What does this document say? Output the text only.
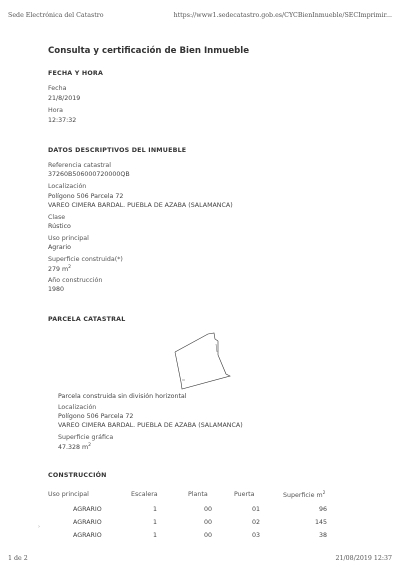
Sede Electrónica del Catastro	https://www1.sedecatastro.gob.es/CYCBienInmueble/SECImprimir...
Consulta y certificación de Bien Inmueble
FECHA Y HORA
Fecha
21/8/2019
Hora
12:37:32
DATOS DESCRIPTIVOS DEL INMUEBLE
Referencia catastral
37260B506000720000QB
Localización
Polígono 506 Parcela 72
VAREO CIMERA BARDAL. PUEBLA DE AZABA (SALAMANCA)
Clase
Rústico
Uso principal
Agrario
Superficie construida(*)
279 $m^2$
Año construcción
1980
PARCELA CATASTRAL
Parcela construida sin división horizontal
Localización
Polígono 506 Parcela 72
VAREO CIMERA BARDAL. PUEBLA DE AZABA (SALAMANCA)
Superficie gráfica
47.328 $m^2$
CONSTRUCCIÓN
Uso principal	Escalera	Planta	Puerta	Superficie $m^2$
›
AGRARIO	1	00	01	96
AGRARIO	1	00	02	145
AGRARIO	1	00	03	38
1 de 2	21/08/2019 12:37
